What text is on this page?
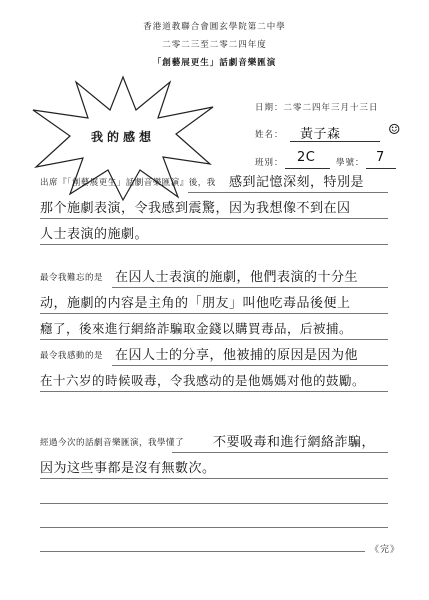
香港道教聯合會圓玄學院第二中學
二零二三至二零二四年度
「創藝展更生」話劇音樂匯演
我的感想
日期：二零二四年三月十三日
姓名： 黃子森	☺
班別： 2C 學號： 7
出席『「創藝展更生」話劇音樂匯演』後，我 感到記憶深刻，特別是
那个施劇表演，令我感到震驚，因为我想像不到在囚
人士表演的施劇。
最令我難忘的是 在囚人士表演的施劇，他們表演的十分生
动，施劇的内容是主角的「朋友」叫他吃毒品後便上
癮了，後來進行網絡詐騙取金錢以購買毒品，后被捕。
最令我感動的是 在囚人士的分享，他被捕的原因是因为他
在十六岁的時候吸毒，令我感动的是他媽媽对他的鼓勵。
經過今次的話劇音樂匯演，我學懂了 不要吸毒和進行網絡詐騙，
因为这些事都是沒有無數次。
《完》
